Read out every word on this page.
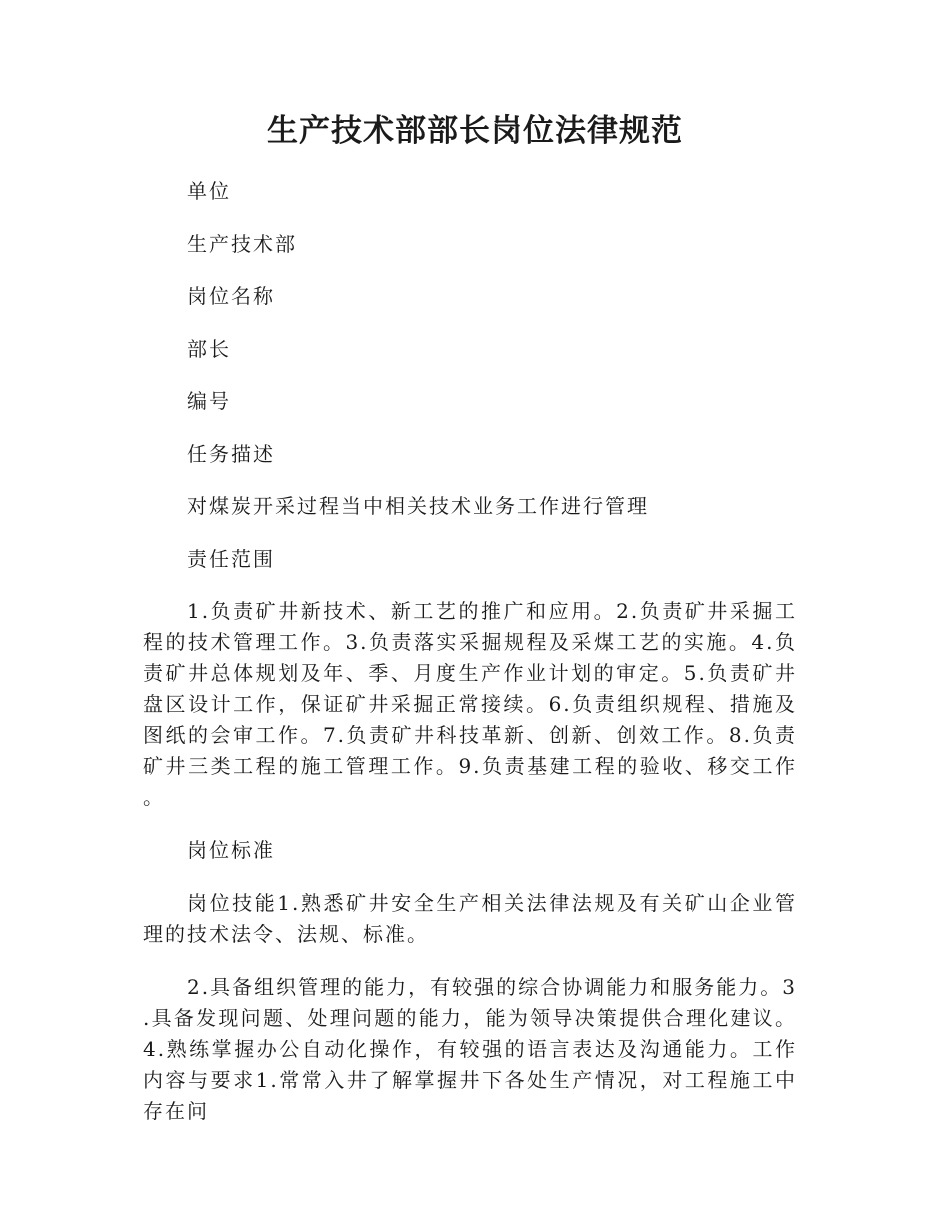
生产技术部部长岗位法律规范

单位

生产技术部

岗位名称

部长

编号

任务描述

对煤炭开采过程当中相关技术业务工作进行管理

责任范围

1.负责矿井新技术、新工艺的推广和应用。2.负责矿井采掘工程的技术管理工作。3.负责落实采掘规程及采煤工艺的实施。4.负责矿井总体规划及年、季、月度生产作业计划的审定。5.负责矿井盘区设计工作，保证矿井采掘正常接续。6.负责组织规程、措施及图纸的会审工作。7.负责矿井科技革新、创新、创效工作。8.负责矿井三类工程的施工管理工作。9.负责基建工程的验收、移交工作。

岗位标准

岗位技能1.熟悉矿井安全生产相关法律法规及有关矿山企业管理的技术法令、法规、标准。

2.具备组织管理的能力，有较强的综合协调能力和服务能力。3.具备发现问题、处理问题的能力，能为领导决策提供合理化建议。4.熟练掌握办公自动化操作，有较强的语言表达及沟通能力。工作内容与要求1.常常入井了解掌握井下各处生产情况，对工程施工中存在问
